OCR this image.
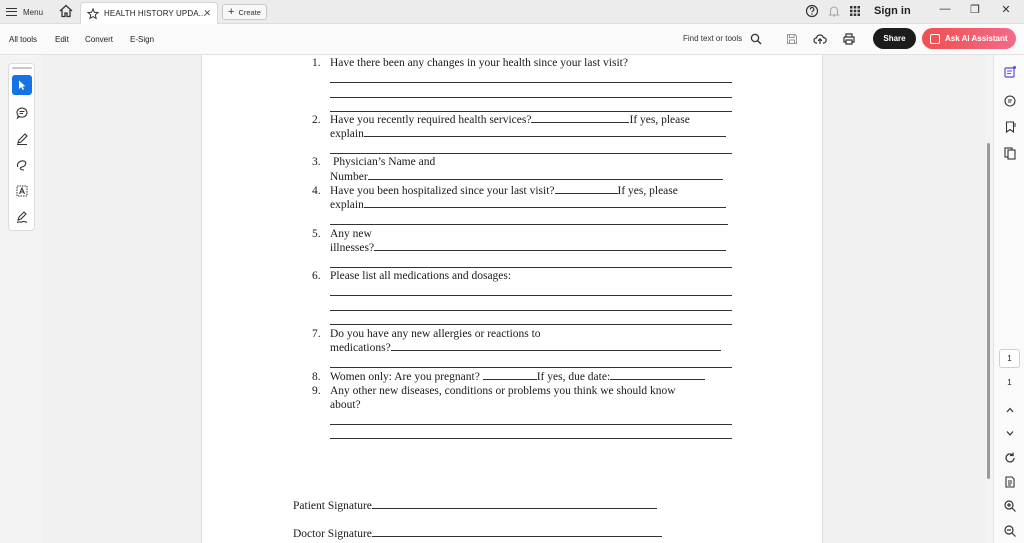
Menu	HEALTH HISTORY UPDA...
✕ + Create	Sign in	— ❐ ✕
All tools Edit Convert E-Sign	Find text or tools	Share	Ask AI Assistant
1. Have there been any changes in your health since your last visit?
2. Have you recently required health services?	If yes, please
explain
3. Physician’s Name and
Number
4. Have you been hospitalized since your last visit?	If yes, please
explain
5. Any new
illnesses?
6. Please list all medications and dosages:
7. Do you have any new allergies or reactions to
medications?
8. Women only: Are you pregnant?	If yes, due date:
9. Any other new diseases, conditions or problems you think we should know
about?
Patient Signature
Doctor Signature
1
1
